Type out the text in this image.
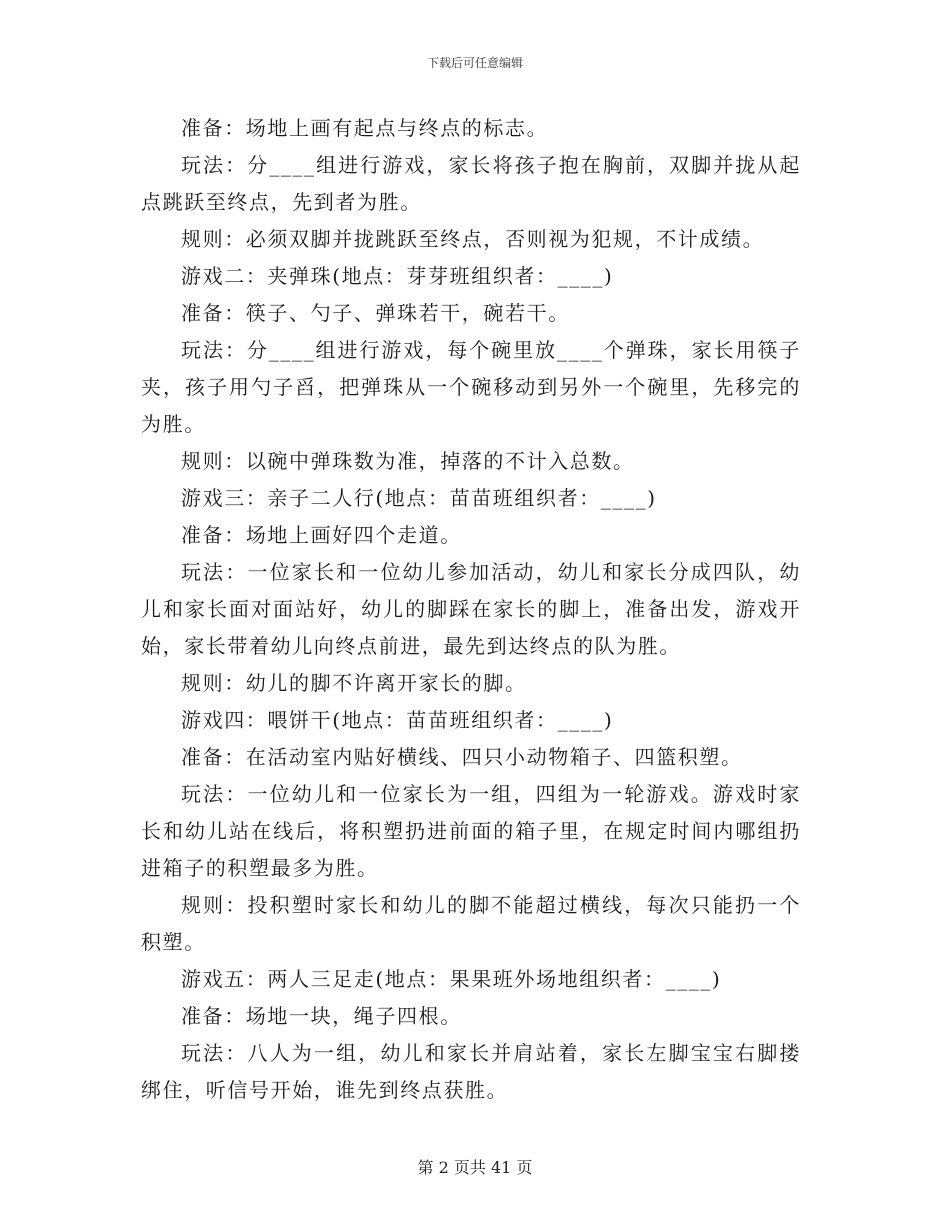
下载后可任意编辑

准备：场地上画有起点与终点的标志。

玩法：分____组进行游戏，家长将孩子抱在胸前，双脚并拢从起点跳跃至终点，先到者为胜。

规则：必须双脚并拢跳跃至终点，否则视为犯规，不计成绩。

游戏二：夹弹珠(地点：芽芽班组织者：____)

准备：筷子、勺子、弹珠若干，碗若干。

玩法：分____组进行游戏，每个碗里放____个弹珠，家长用筷子夹，孩子用勺子舀，把弹珠从一个碗移动到另外一个碗里，先移完的为胜。

规则：以碗中弹珠数为准，掉落的不计入总数。

游戏三：亲子二人行(地点：苗苗班组织者：____)

准备：场地上画好四个走道。

玩法：一位家长和一位幼儿参加活动，幼儿和家长分成四队，幼儿和家长面对面站好，幼儿的脚踩在家长的脚上，准备出发，游戏开始，家长带着幼儿向终点前进，最先到达终点的队为胜。

规则：幼儿的脚不许离开家长的脚。

游戏四：喂饼干(地点：苗苗班组织者：____)

准备：在活动室内贴好横线、四只小动物箱子、四篮积塑。

玩法：一位幼儿和一位家长为一组，四组为一轮游戏。游戏时家长和幼儿站在线后，将积塑扔进前面的箱子里，在规定时间内哪组扔进箱子的积塑最多为胜。

规则：投积塑时家长和幼儿的脚不能超过横线，每次只能扔一个积塑。

游戏五：两人三足走(地点：果果班外场地组织者：____)

准备：场地一块，绳子四根。

玩法：八人为一组，幼儿和家长并肩站着，家长左脚宝宝右脚搂绑住，听信号开始，谁先到终点获胜。

第 2 页共 41 页
